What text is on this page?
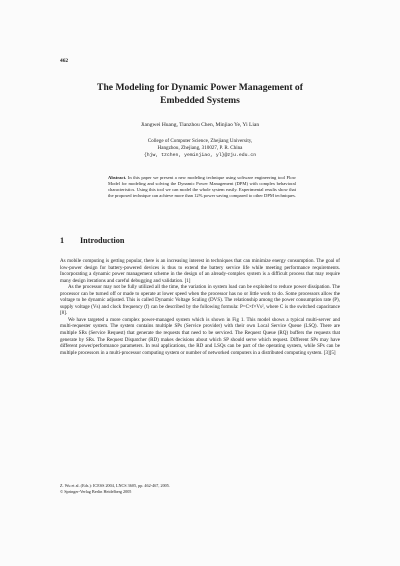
462
The Modeling for Dynamic Power Management of
Embedded Systems
Jiangwei Huang, Tianzhou Chen, Minjiao Ye, Yi Lian
College of Computer Science, Zhejiang University,
Hangzhou, Zhejiang, 310027, P. R. China
{hjw, tzchen, yeminjiao, yl}@zju.edu.cn
Abstract. In this paper we present a new modeling technique using software engineering tool Flow Model for modeling and solving the Dynamic Power Management (DPM) with complex behavioral characteristics. Using this tool we can model the whole system easily. Experimental results show that the proposed technique can achieve more than 12% power saving compared to other DPM techniques.
1 Introduction

As mobile computing is getting popular, there is an increasing interest in techniques that can minimize energy consumption. The goal of low-power design for battery-powered devices is thus to extend the battery service life while meeting performance requirements. Incorporating a dynamic power management scheme in the design of an already-complex system is a difficult process that may require many design iterations and careful debugging and validation. [1]

As the processor may not be fully utilized all the time, the variation in system load can be exploited to reduce power dissipation. The processor can be turned off or made to operate at lower speed when the processor has no or little work to do. Some processors allow the voltage to be dynamic adjusted. This is called Dynamic Voltage Scaling (DVS). The relationship among the power consumption rate (P), supply voltage (Vs) and clock frequency (f) can be described by the following formula: P=C×f×Vs², where C is the switched capacitance [8].

We have targeted a more complex power-managed system which is shown in Fig 1. This model shows a typical multi-server and multi-requester system. The system contains multiple SPs (Service provider) with their own Local Service Queue (LSQ). There are multiple SRs (Service Request) that generate the requests that need to be serviced. The Request Queue (RQ) buffers the requests that generate by SRs. The Request Dispatcher (RD) makes decisions about which SP should serve which request. Different SPs may have different power/performance parameters. In real applications, the RD and LSQs can be part of the operating system, while SPs can be multiple processors in a multi-processor computing system or number of networked computers in a distributed computing system. [3][5]

Z. Wu et al. (Eds.): ICESS 2004, LNCS 3605, pp. 462-467, 2005.
© Springer-Verlag Berlin Heidelberg 2005
